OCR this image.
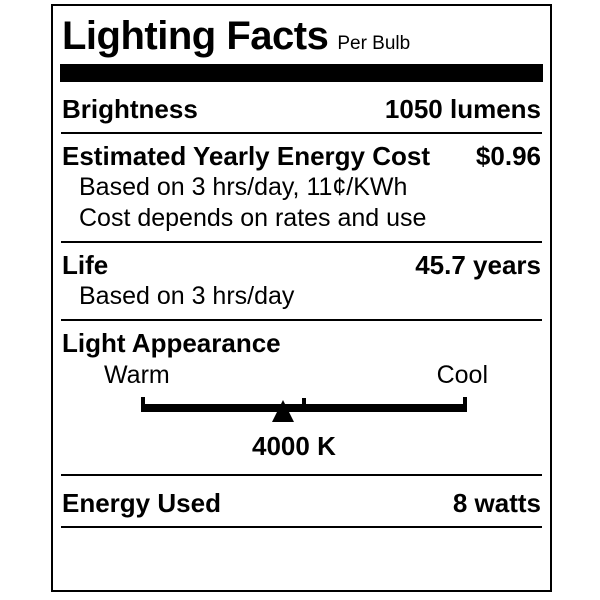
Lighting Facts Per Bulb
Brightness	1050 lumens
Estimated Yearly Energy Cost $0.96
Based on 3 hrs/day, 11¢/KWh
Cost depends on rates and use
Life	45.7 years
Based on 3 hrs/day
Light Appearance
Warm	Cool
4000 K
Energy Used	8 watts
